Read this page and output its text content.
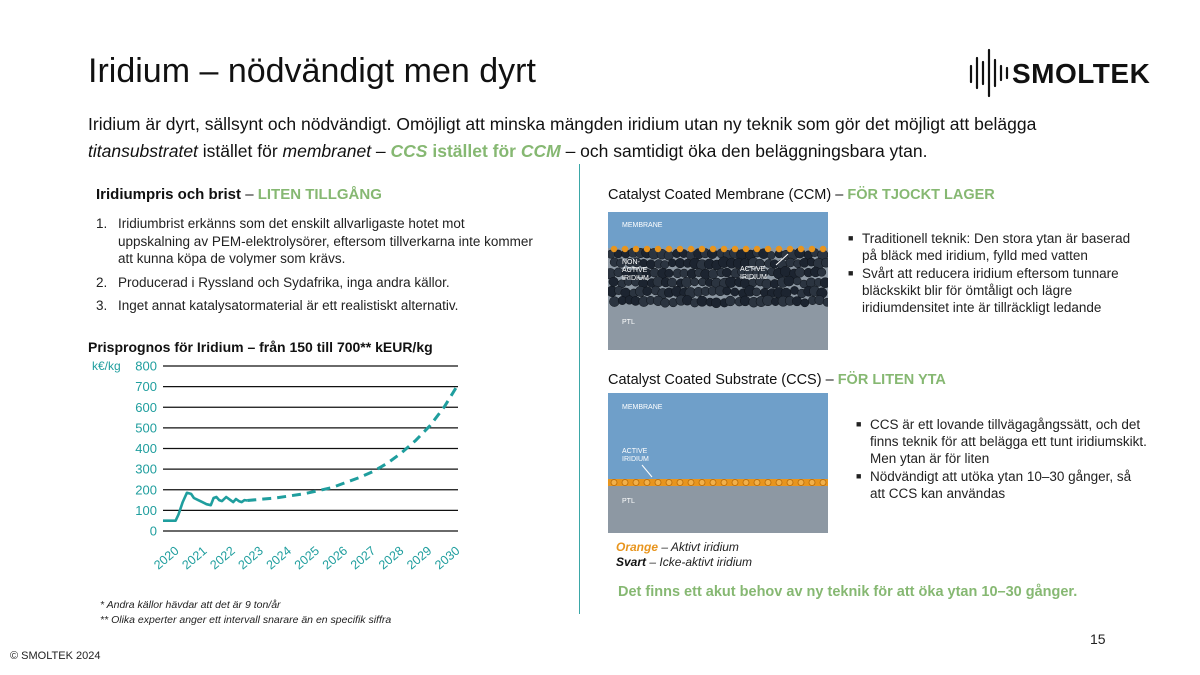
Iridium – nödvändigt men dyrt	SMOLTEK
Iridium är dyrt, sällsynt och nödvändigt. Omöjligt att minska mängden iridium utan ny teknik som gör det möjligt att belägga
titansubstratet istället för membranet – CCS istället för CCM – och samtidigt öka den beläggningsbara ytan.
Iridiumpris och brist – LITEN TILLGÅNG
1. Iridiumbrist erkänns som det enskilt allvarligaste hotet mot uppskalning av PEM-elektrolysörer, eftersom tillverkarna inte kommer att kunna köpa de volymer som krävs.
2. Producerad i Ryssland och Sydafrika, inga andra källor.
3. Inget annat katalysatormaterial är ett realistiskt alternativ.
Prisprognos för Iridium – från 150 till 700** kEUR/kg
k€/kg
0
100
200
300
400
500
600
700
800
2020
2021
2022
2023
2024
2025
2026
2027
2028
2029
2030
* Andra källor hävdar att det är 9 ton/år
** Olika experter anger ett intervall snarare än en specifik siffra
Catalyst Coated Membrane (CCM) – FÖR TJOCKT LAGER
MEMBRANE
NON-
ACTIVE
IRIDIUM
ACTIVE
IRIDIUM
PTL
■ Traditionell teknik: Den stora ytan är baserad på bläck med iridium, fylld med vatten
■ Svårt att reducera iridium eftersom tunnare bläckskikt blir för ömtåligt och lägre iridiumdensitet inte är tillräckligt ledande
Catalyst Coated Substrate (CCS) – FÖR LITEN YTA
MEMBRANE
ACTIVE
IRIDIUM
PTL
■ CCS är ett lovande tillvägagångssätt, och det finns teknik för att belägga ett tunt iridiumskikt. Men ytan är för liten
■ Nödvändigt att utöka ytan 10–30 gånger, så att CCS kan användas
Orange – Aktivt iridium
Svart – Icke-aktivt iridium
Det finns ett akut behov av ny teknik för att öka ytan 10–30 gånger.
© SMOLTEK 2024
15
